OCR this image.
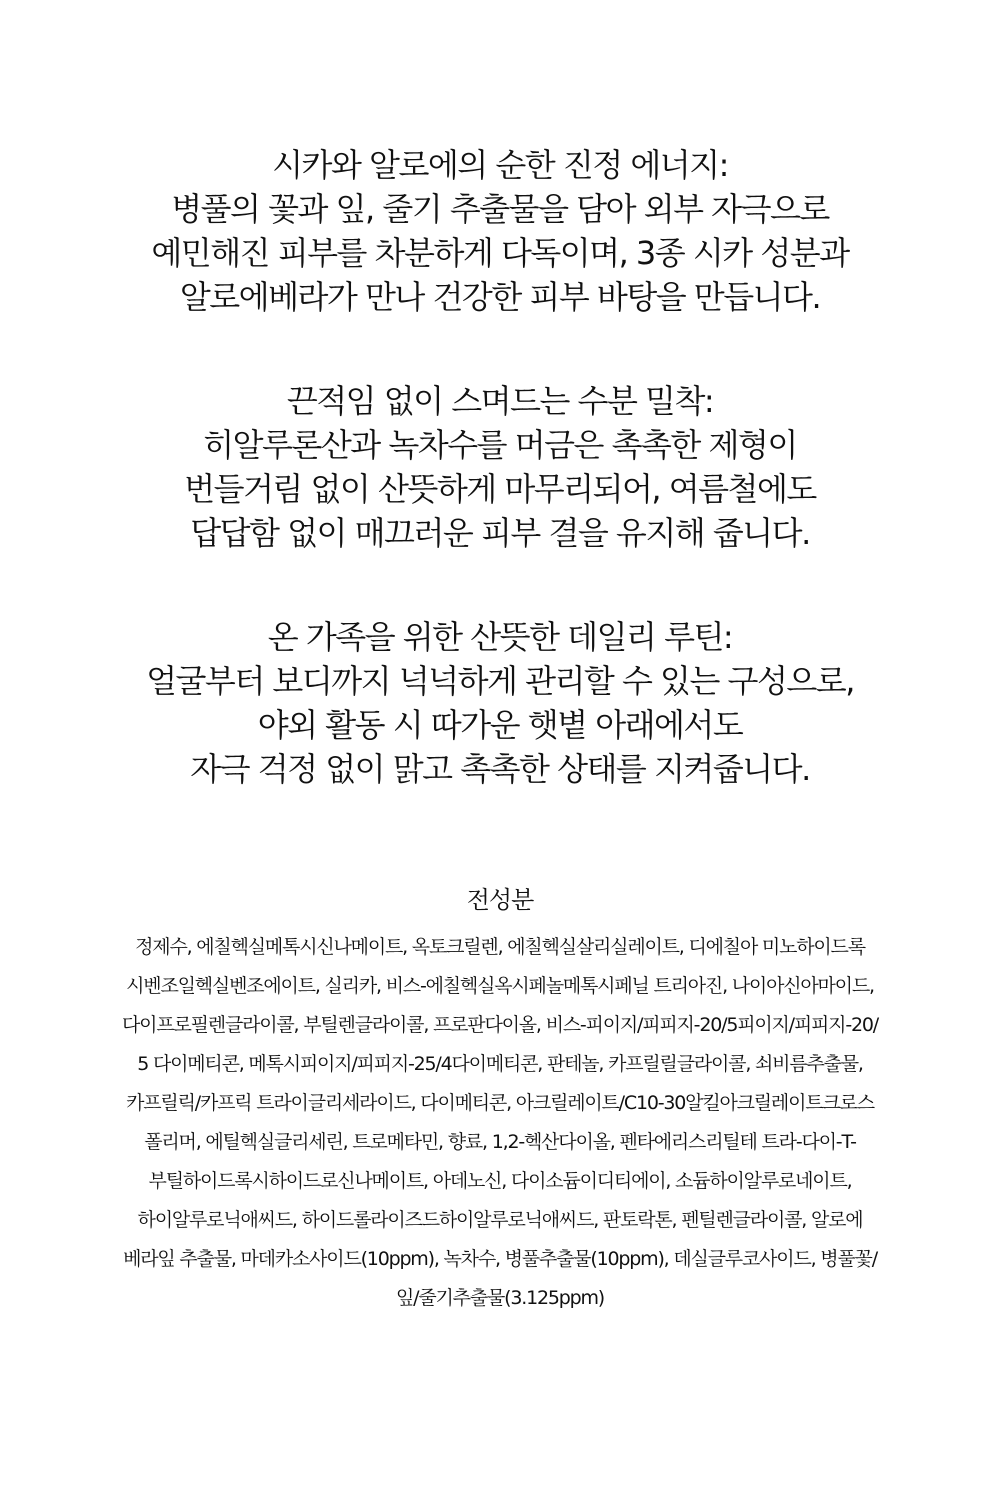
시카와 알로에의 순한 진정 에너지:
병풀의 꽃과 잎, 줄기 추출물을 담아 외부 자극으로
예민해진 피부를 차분하게 다독이며, 3종 시카 성분과
알로에베라가 만나 건강한 피부 바탕을 만듭니다.
끈적임 없이 스며드는 수분 밀착:
히알루론산과 녹차수를 머금은 촉촉한 제형이
번들거림 없이 산뜻하게 마무리되어, 여름철에도
답답함 없이 매끄러운 피부 결을 유지해 줍니다.
온 가족을 위한 산뜻한 데일리 루틴:
얼굴부터 보디까지 넉넉하게 관리할 수 있는 구성으로,
야외 활동 시 따가운 햇볕 아래에서도
자극 걱정 없이 맑고 촉촉한 상태를 지켜줍니다.
전성분
정제수, 에칠헥실메톡시신나메이트, 옥토크릴렌, 에칠헥실살리실레이트, 디에칠아 미노하이드록
시벤조일헥실벤조에이트, 실리카, 비스-에칠헥실옥시페놀메톡시페닐 트리아진, 나이아신아마이드,
다이프로필렌글라이콜, 부틸렌글라이콜, 프로판다이올, 비스-피이지/피피지-20/5피이지/피피지-20/
5 다이메티콘, 메톡시피이지/피피지-25/4다이메티콘, 판테놀, 카프릴릴글라이콜, 쇠비름추출물,
카프릴릭/카프릭 트라이글리세라이드, 다이메티콘, 아크릴레이트/C10-30알킬아크릴레이트크로스
폴리머, 에틸헥실글리세린, 트로메타민, 향료, 1,2-헥산다이올, 펜타에리스리틸테 트라-다이-T-
부틸하이드록시하이드로신나메이트, 아데노신, 다이소듐이디티에이, 소듐하이알루로네이트,
하이알루로닉애씨드, 하이드롤라이즈드하이알루로닉애씨드, 판토락톤, 펜틸렌글라이콜, 알로에
베라잎 추출물, 마데카소사이드(10ppm), 녹차수, 병풀추출물(10ppm), 데실글루코사이드, 병풀꽃/
잎/줄기추출물(3.125ppm)
